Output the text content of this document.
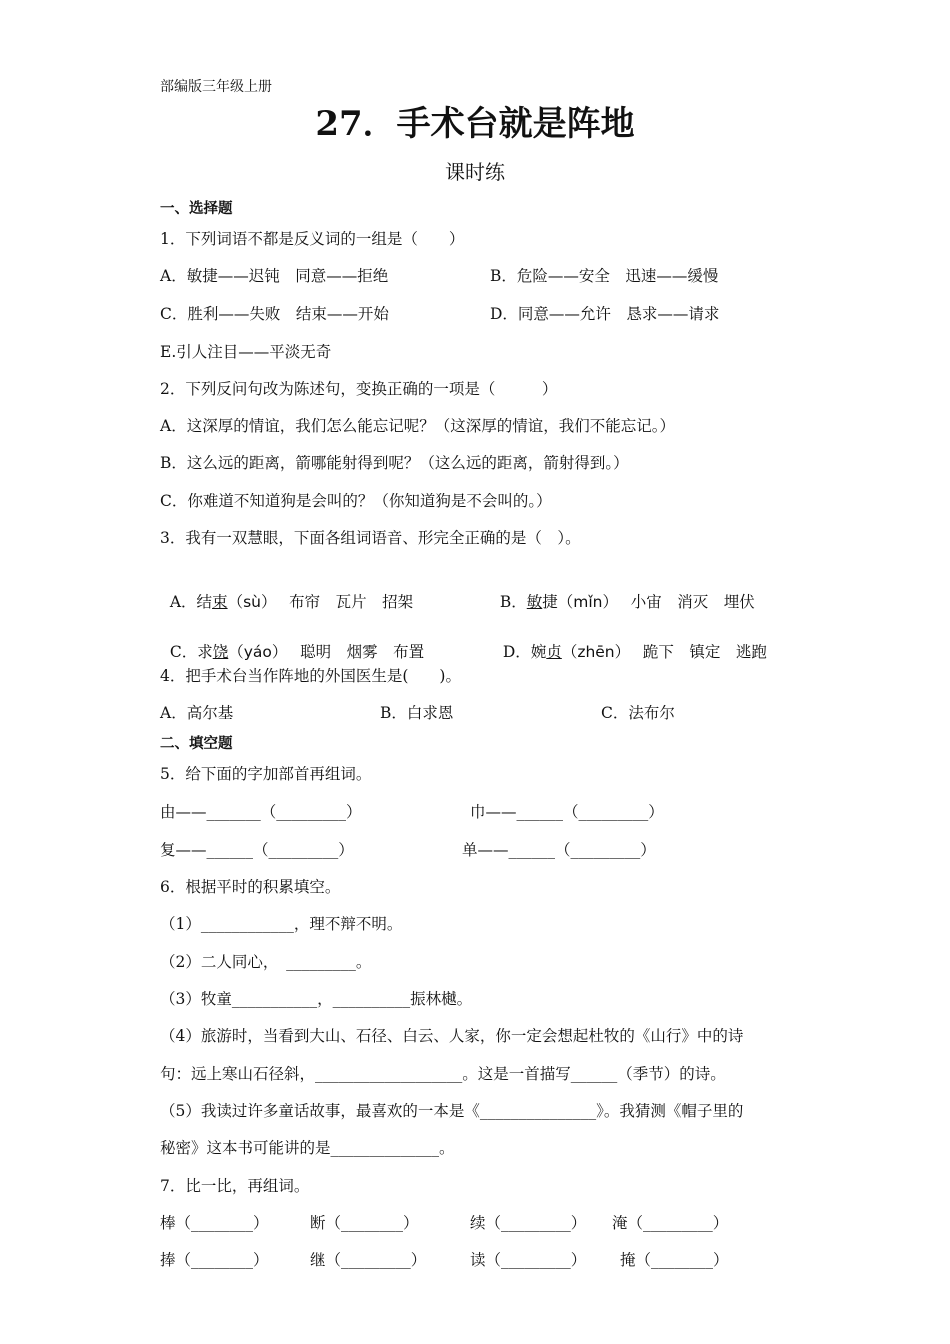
部编版三年级上册
27．手术台就是阵地
课时练
一、选择题
1．下列词语不都是反义词的一组是（　　）
A．敏捷——迟钝　同意——拒绝	B．危险——安全　迅速——缓慢
C．胜利——失败　结束——开始	D．同意——允许　恳求——请求
E.引人注目——平淡无奇
2．下列反问句改为陈述句，变换正确的一项是（　　　）
A．这深厚的情谊，我们怎么能忘记呢？（这深厚的情谊，我们不能忘记。）
B．这么远的距离，箭哪能射得到呢？（这么远的距离，箭射得到。）
C．你难道不知道狗是会叫的？（你知道狗是不会叫的。）
3．我有一双慧眼，下面各组词语音、形完全正确的是（　）。

A．结束（sù）　 布帘　瓦片　招架	B．敏捷（mǐn）　 小宙　消灭　埋伏

C．求饶（yáo）　 聪明　烟雾　布置	D．婉贞（zhēn）　 跪下　镇定　逃跑

4．把手术台当作阵地的外国医生是(　　)。
A．高尔基	B．白求恩	C．法布尔
二、填空题
5．给下面的字加部首再组词。
由——_______（_________）	巾——______（_________）
复——______（_________）	单——______（_________）
6．根据平时的积累填空。
（1）____________，理不辩不明。
（2）二人同心，　_________。
（3）牧童___________，__________振林樾。
（4）旅游时，当看到大山、石径、白云、人家，你一定会想起杜牧的《山行》中的诗
句：远上寒山石径斜，___________________。这是一首描写______（季节）的诗。
（5）我读过许多童话故事，最喜欢的一本是《_______________》。我猜测《帽子里的
秘密》这本书可能讲的是______________。
7．比一比，再组词。
棒（________）	断（________）	续（_________） 淹（_________）
捧（________）	继（_________）	读（_________） 掩（________）
